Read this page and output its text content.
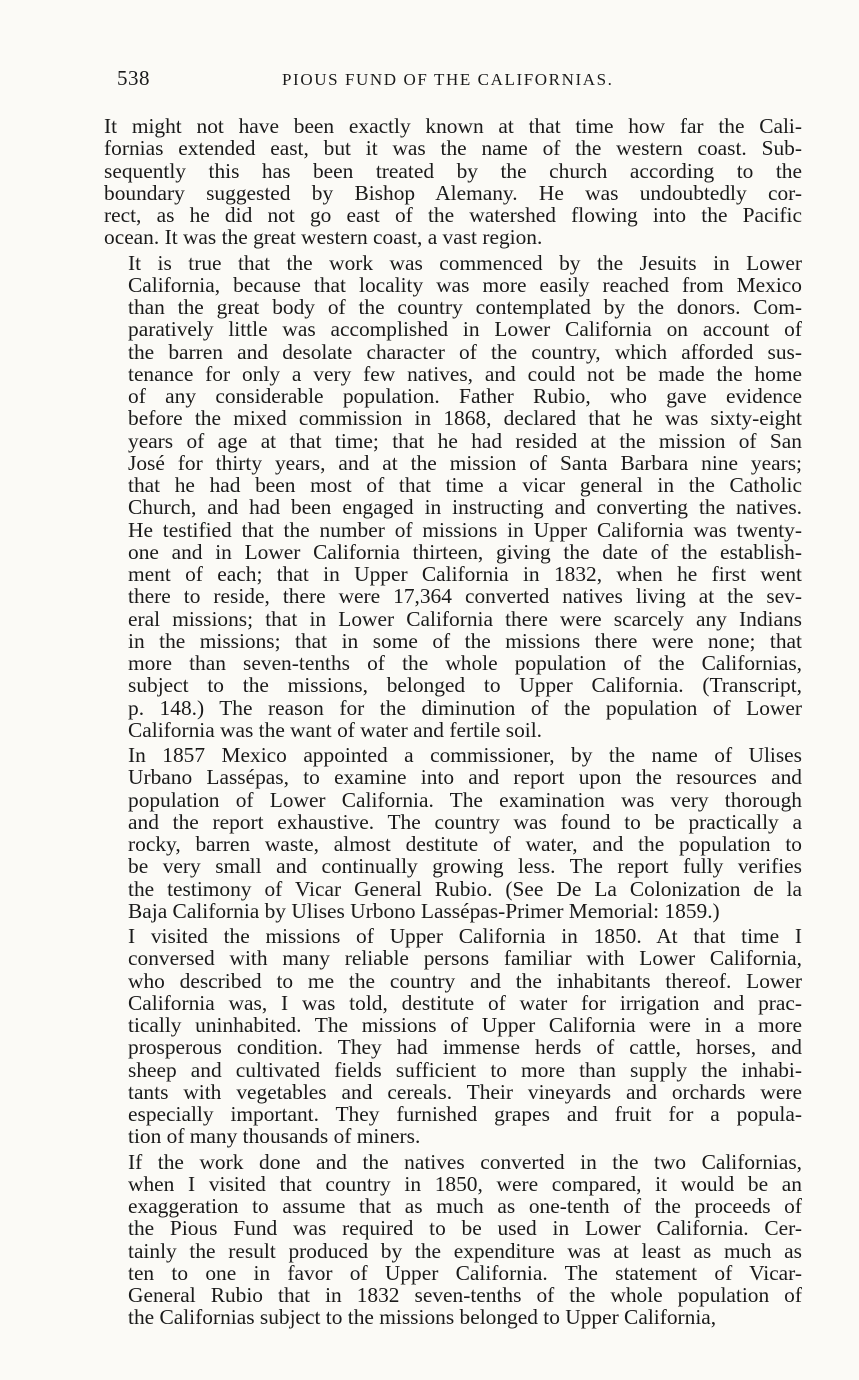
538	PIOUS FUND OF THE CALIFORNIAS.

It might not have been exactly known at that time how far the Cali-
fornias extended east, but it was the name of the western coast. Sub-
sequently this has been treated by the church according to the
boundary suggested by Bishop Alemany. He was undoubtedly cor-
rect, as he did not go east of the watershed flowing into the Pacific
ocean. It was the great western coast, a vast region.

It is true that the work was commenced by the Jesuits in Lower
California, because that locality was more easily reached from Mexico
than the great body of the country contemplated by the donors. Com-
paratively little was accomplished in Lower California on account of
the barren and desolate character of the country, which afforded sus-
tenance for only a very few natives, and could not be made the home
of any considerable population. Father Rubio, who gave evidence
before the mixed commission in 1868, declared that he was sixty-eight
years of age at that time; that he had resided at the mission of San
José for thirty years, and at the mission of Santa Barbara nine years;
that he had been most of that time a vicar general in the Catholic
Church, and had been engaged in instructing and converting the natives.
He testified that the number of missions in Upper California was twenty-
one and in Lower California thirteen, giving the date of the establish-
ment of each; that in Upper California in 1832, when he first went
there to reside, there were 17,364 converted natives living at the sev-
eral missions; that in Lower California there were scarcely any Indians
in the missions; that in some of the missions there were none; that
more than seven-tenths of the whole population of the Californias,
subject to the missions, belonged to Upper California. (Transcript,
p. 148.) The reason for the diminution of the population of Lower
California was the want of water and fertile soil.

In 1857 Mexico appointed a commissioner, by the name of Ulises
Urbano Lassépas, to examine into and report upon the resources and
population of Lower California. The examination was very thorough
and the report exhaustive. The country was found to be practically a
rocky, barren waste, almost destitute of water, and the population to
be very small and continually growing less. The report fully verifies
the testimony of Vicar General Rubio. (See De La Colonization de la
Baja California by Ulises Urbono Lassépas-Primer Memorial: 1859.)

I visited the missions of Upper California in 1850. At that time I
conversed with many reliable persons familiar with Lower California,
who described to me the country and the inhabitants thereof. Lower
California was, I was told, destitute of water for irrigation and prac-
tically uninhabited. The missions of Upper California were in a more
prosperous condition. They had immense herds of cattle, horses, and
sheep and cultivated fields sufficient to more than supply the inhabi-
tants with vegetables and cereals. Their vineyards and orchards were
especially important. They furnished grapes and fruit for a popula-
tion of many thousands of miners.

If the work done and the natives converted in the two Californias,
when I visited that country in 1850, were compared, it would be an
exaggeration to assume that as much as one-tenth of the proceeds of
the Pious Fund was required to be used in Lower California. Cer-
tainly the result produced by the expenditure was at least as much as
ten to one in favor of Upper California. The statement of Vicar-
General Rubio that in 1832 seven-tenths of the whole population of
the Californias subject to the missions belonged to Upper California,
